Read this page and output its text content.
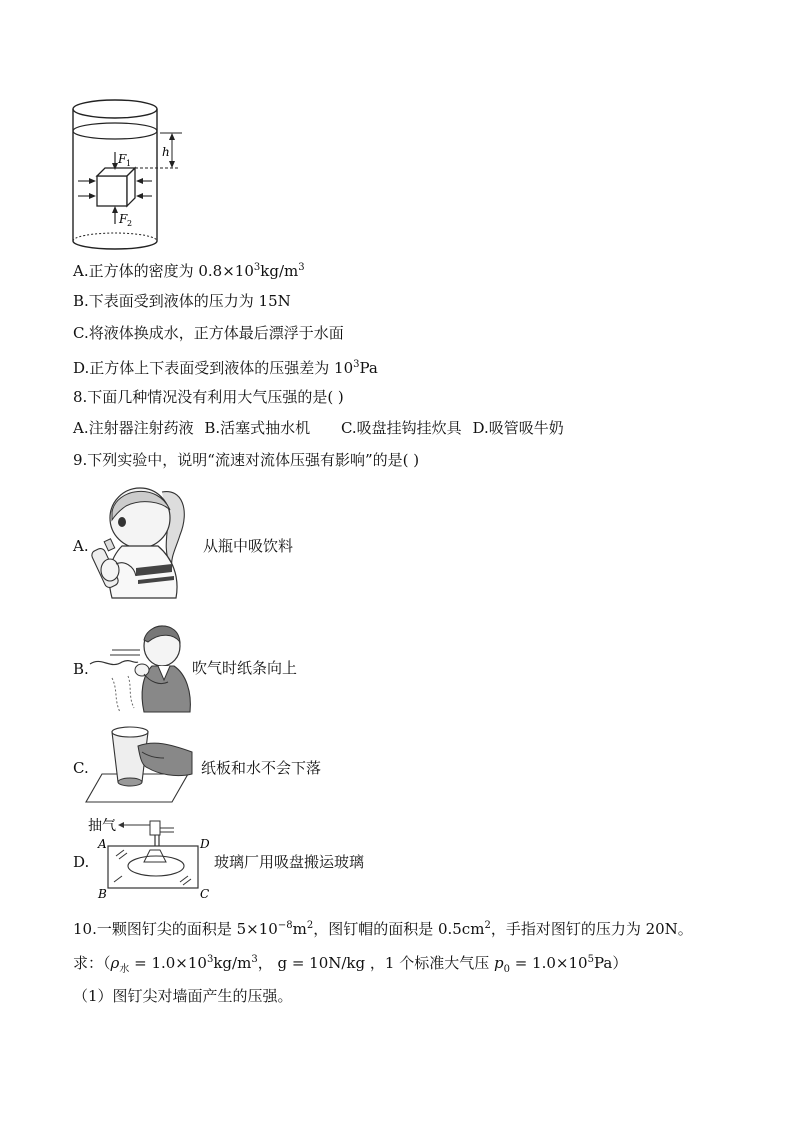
F 1
F 2
h
A.正方体的密度为 $0.8\times 10^3kg/m^3$
B.下表面受到液体的压力为 15N
C.将液体换成水，正方体最后漂浮于水面
D.正方体上下表面受到液体的压强差为 $10^3Pa$
8.下面几种情况没有利用大气压强的是( )
A.注射器注射药液 B.活塞式抽水机 C.吸盘挂钩挂炊具 D.吸管吸牛奶
9.下列实验中，说明“流速对流体压强有影响”的是( )
A.	从瓶中吸饮料
B.	吹气时纸条向上
C.	纸板和水不会下落
D.
抽气
A	D
B	C
玻璃厂用吸盘搬运玻璃
10.一颗图钉尖的面积是 $5\times 10^{-8}m^2$，图钉帽的面积是 $0.5cm^2$，手指对图钉的压力为 20N。
求：（$\rho_水 = 1.0\times 10^3kg/m^3$， g = 10N/kg ，1 个标准大气压 $p_0 = 1.0\times 10^5Pa$）
（1）图钉尖对墙面产生的压强。
